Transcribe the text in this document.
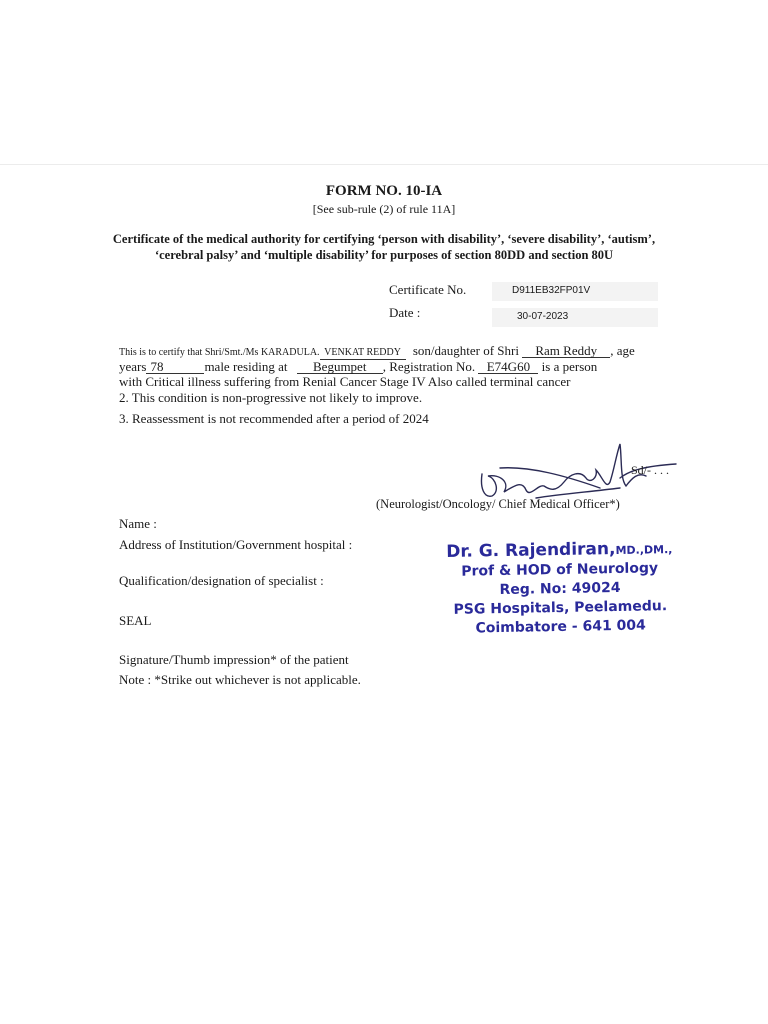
FORM NO. 10-IA
[See sub-rule (2) of rule 11A]
Certificate of the medical authority for certifying ‘person with disability’, ‘severe disability’, ‘autism’, ‘cerebral palsy’ and ‘multiple disability’ for purposes of section 80DD and section 80U
Certificate No.	D911EB32FP01V
Date :	30-07-2023
This is to certify that Shri/Smt./Ms KARADULA. VENKAT REDDY son/daughter of Shri Ram Reddy , age
years 78	male residing at Begumpet , Registration No. E74G60 is a person
with Critical illness suffering from Renial Cancer Stage IV Also called terminal cancer
2. This condition is non-progressive not likely to improve.
3. Reassessment is not recommended after a period of 2024
Sd/- . . .
(Neurologist/Oncology/ Chief Medical Officer*)
Name :
Address of Institution/Government hospital :
Qualification/designation of specialist :
SEAL
Signature/Thumb impression* of the patient
Note : *Strike out whichever is not applicable.
Dr. G. Rajendiran,MD.,DM.,
Prof & HOD of Neurology
Reg. No: 49024
PSG Hospitals, Peelamedu.
Coimbatore - 641 004
